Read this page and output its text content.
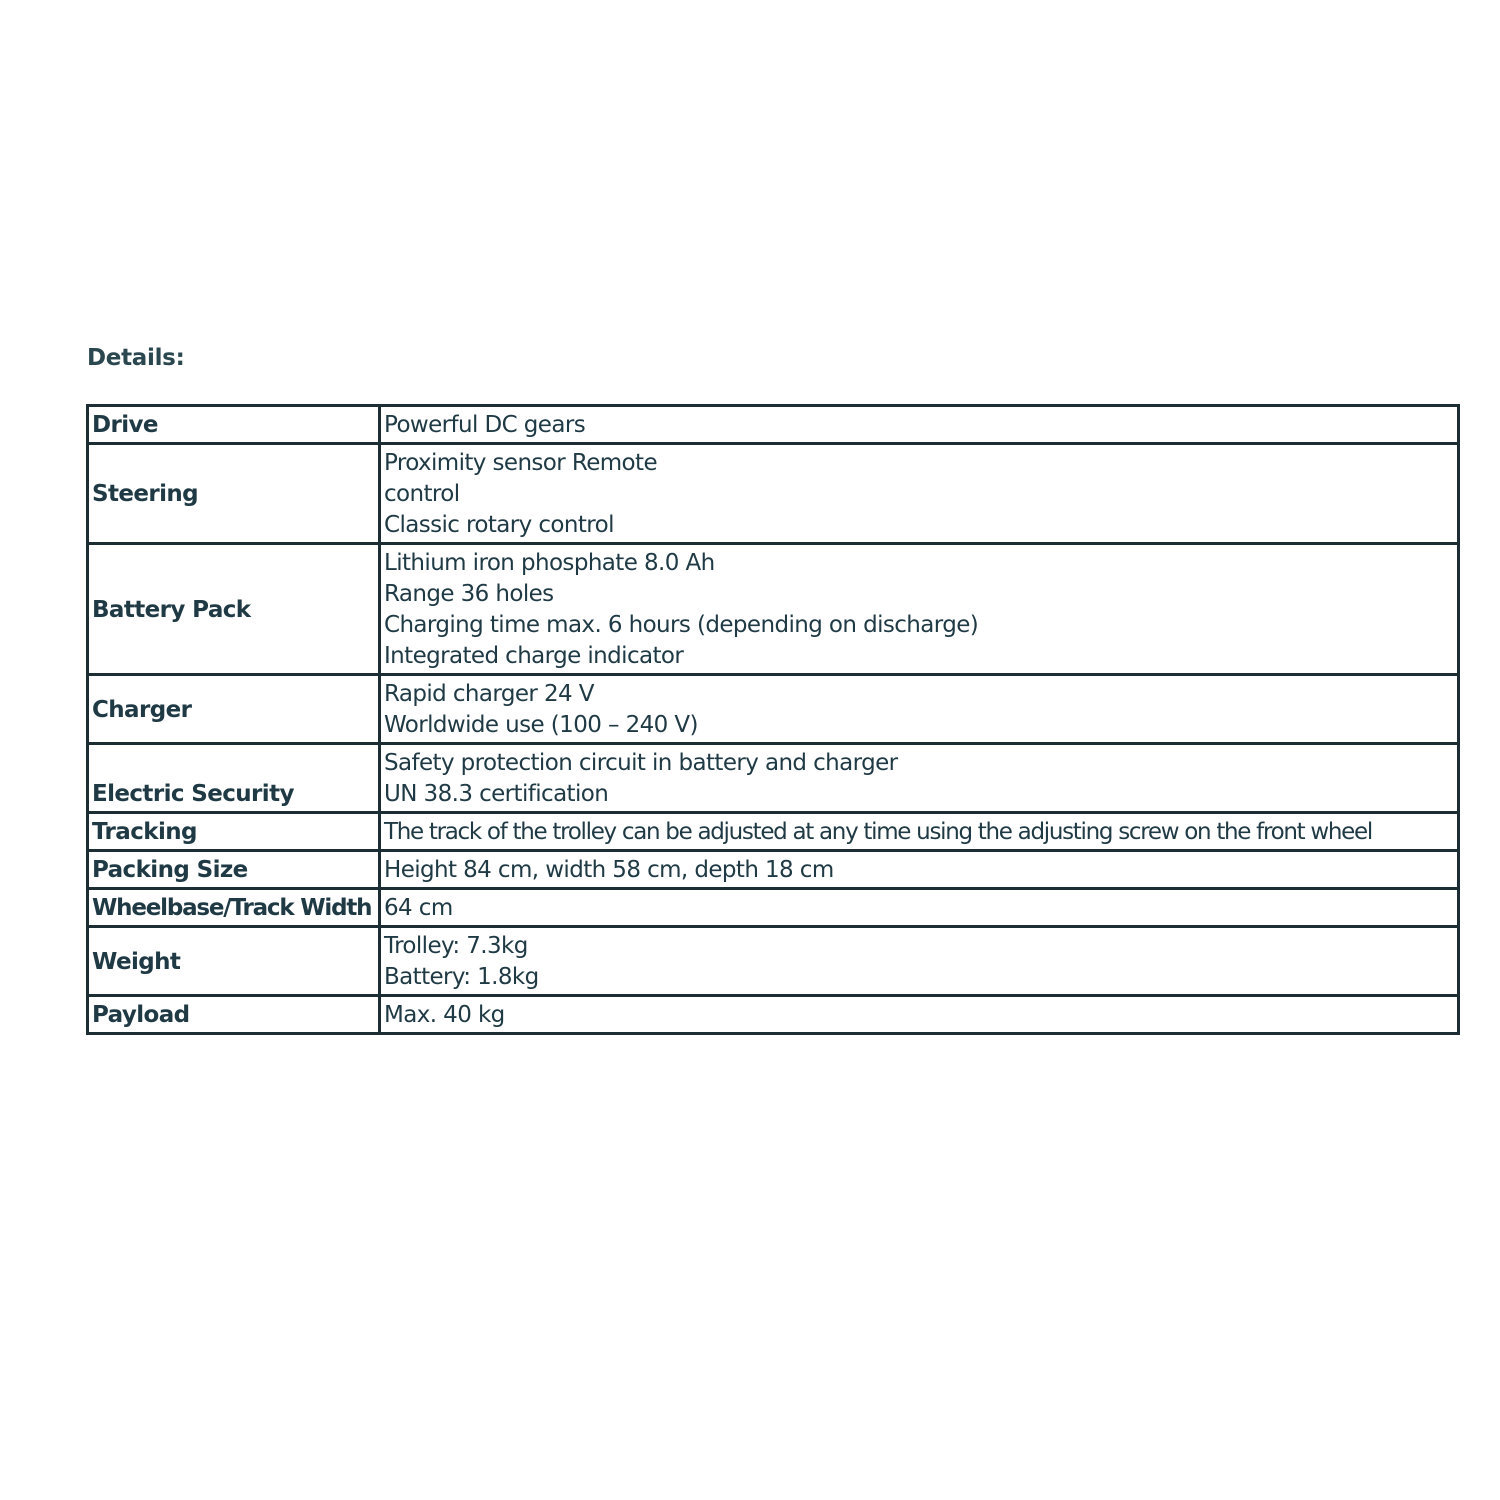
Details:
Drive	Powerful DC gears

Steering	Proximity sensor Remote
control
Classic rotary control

Battery Pack	Lithium iron phosphate 8.0 Ah
Range 36 holes
Charging time max. 6 hours (depending on discharge)
Integrated charge indicator

Charger	Rapid charger 24 V
Worldwide use (100 – 240 V)

Electric Security	Safety protection circuit in battery and charger
UN 38.3 certification

Tracking	The track of the trolley can be adjusted at any time using the adjusting screw on the front wheel

Packing Size	Height 84 cm, width 58 cm, depth 18 cm

Wheelbase/Track Width	64 cm

Weight	Trolley: 7.3kg
Battery: 1.8kg

Payload	Max. 40 kg
